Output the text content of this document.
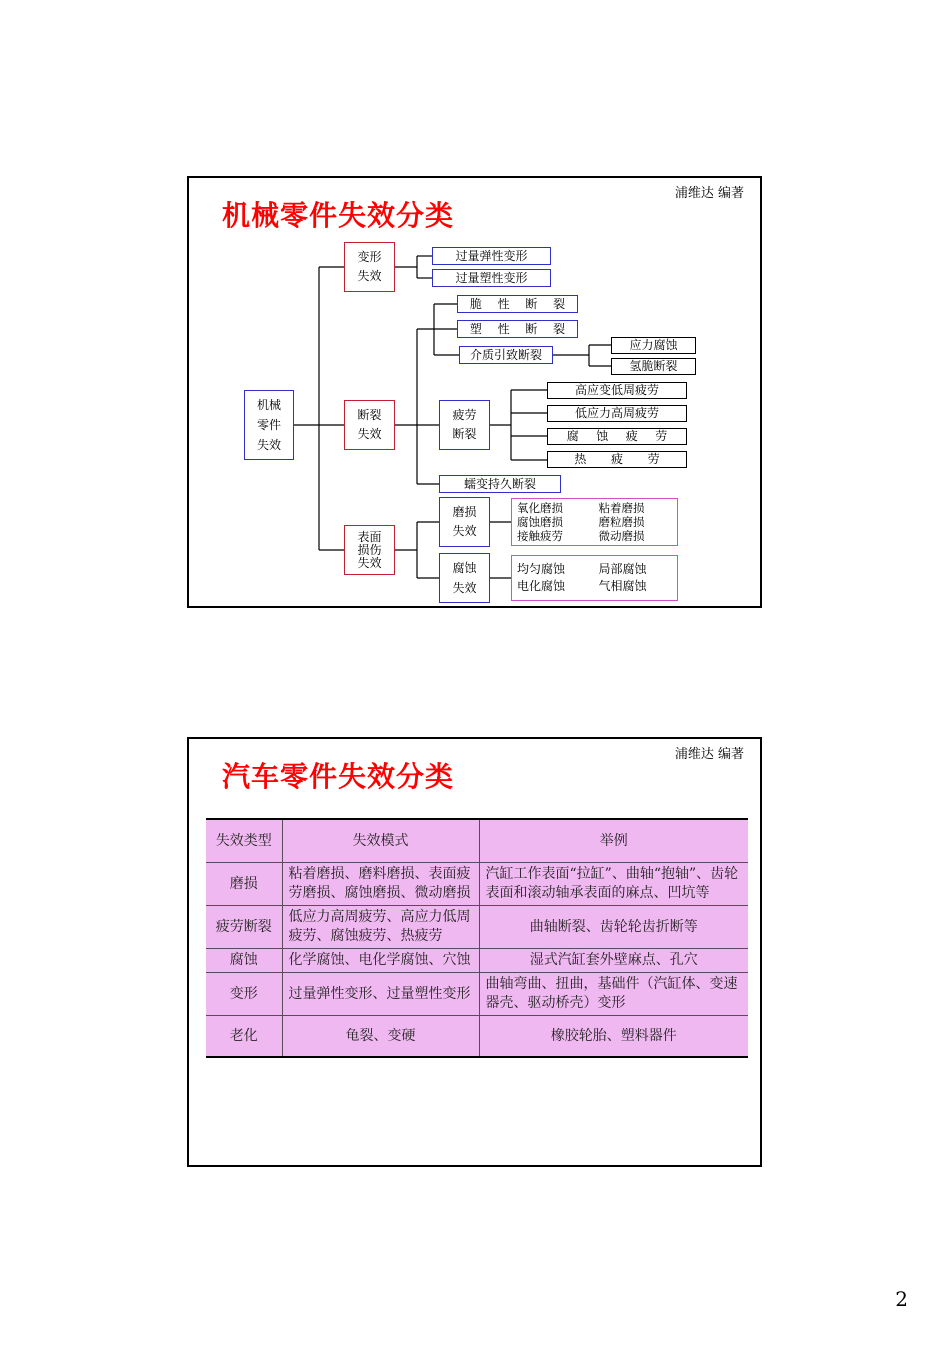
浦维达 编著
机械零件失效分类
机械
零件
失效
变形
失效
过量弹性变形
过量塑性变形
断裂
失效
脆 性 断 裂
塑 性 断 裂
介质引致断裂
应力腐蚀
氢脆断裂
疲劳
断裂
高应变低周疲劳
低应力高周疲劳
腐 蚀 疲 劳
热 疲 劳
蠕变持久断裂
表面
损伤
失效
磨损
失效
氧化磨损	粘着磨损
腐蚀磨损	磨粒磨损
接触疲劳	微动磨损
腐蚀
失效
均匀腐蚀	局部腐蚀
电化腐蚀	气相腐蚀
浦维达 编著
汽车零件失效分类
失效类型	失效模式	举例
磨损	粘着磨损、磨料磨损、表面疲劳磨损、腐蚀磨损、微动磨损	汽缸工作表面“拉缸”、曲轴“抱轴”、齿轮表面和滚动轴承表面的麻点、凹坑等
疲劳断裂	低应力高周疲劳、高应力低周疲劳、腐蚀疲劳、热疲劳	曲轴断裂、齿轮轮齿折断等
腐蚀	化学腐蚀、电化学腐蚀、穴蚀	湿式汽缸套外壁麻点、孔穴
变形	过量弹性变形、过量塑性变形	曲轴弯曲、扭曲，基础件（汽缸体、变速器壳、驱动桥壳）变形
老化	龟裂、变硬	橡胶轮胎、塑料器件
2
